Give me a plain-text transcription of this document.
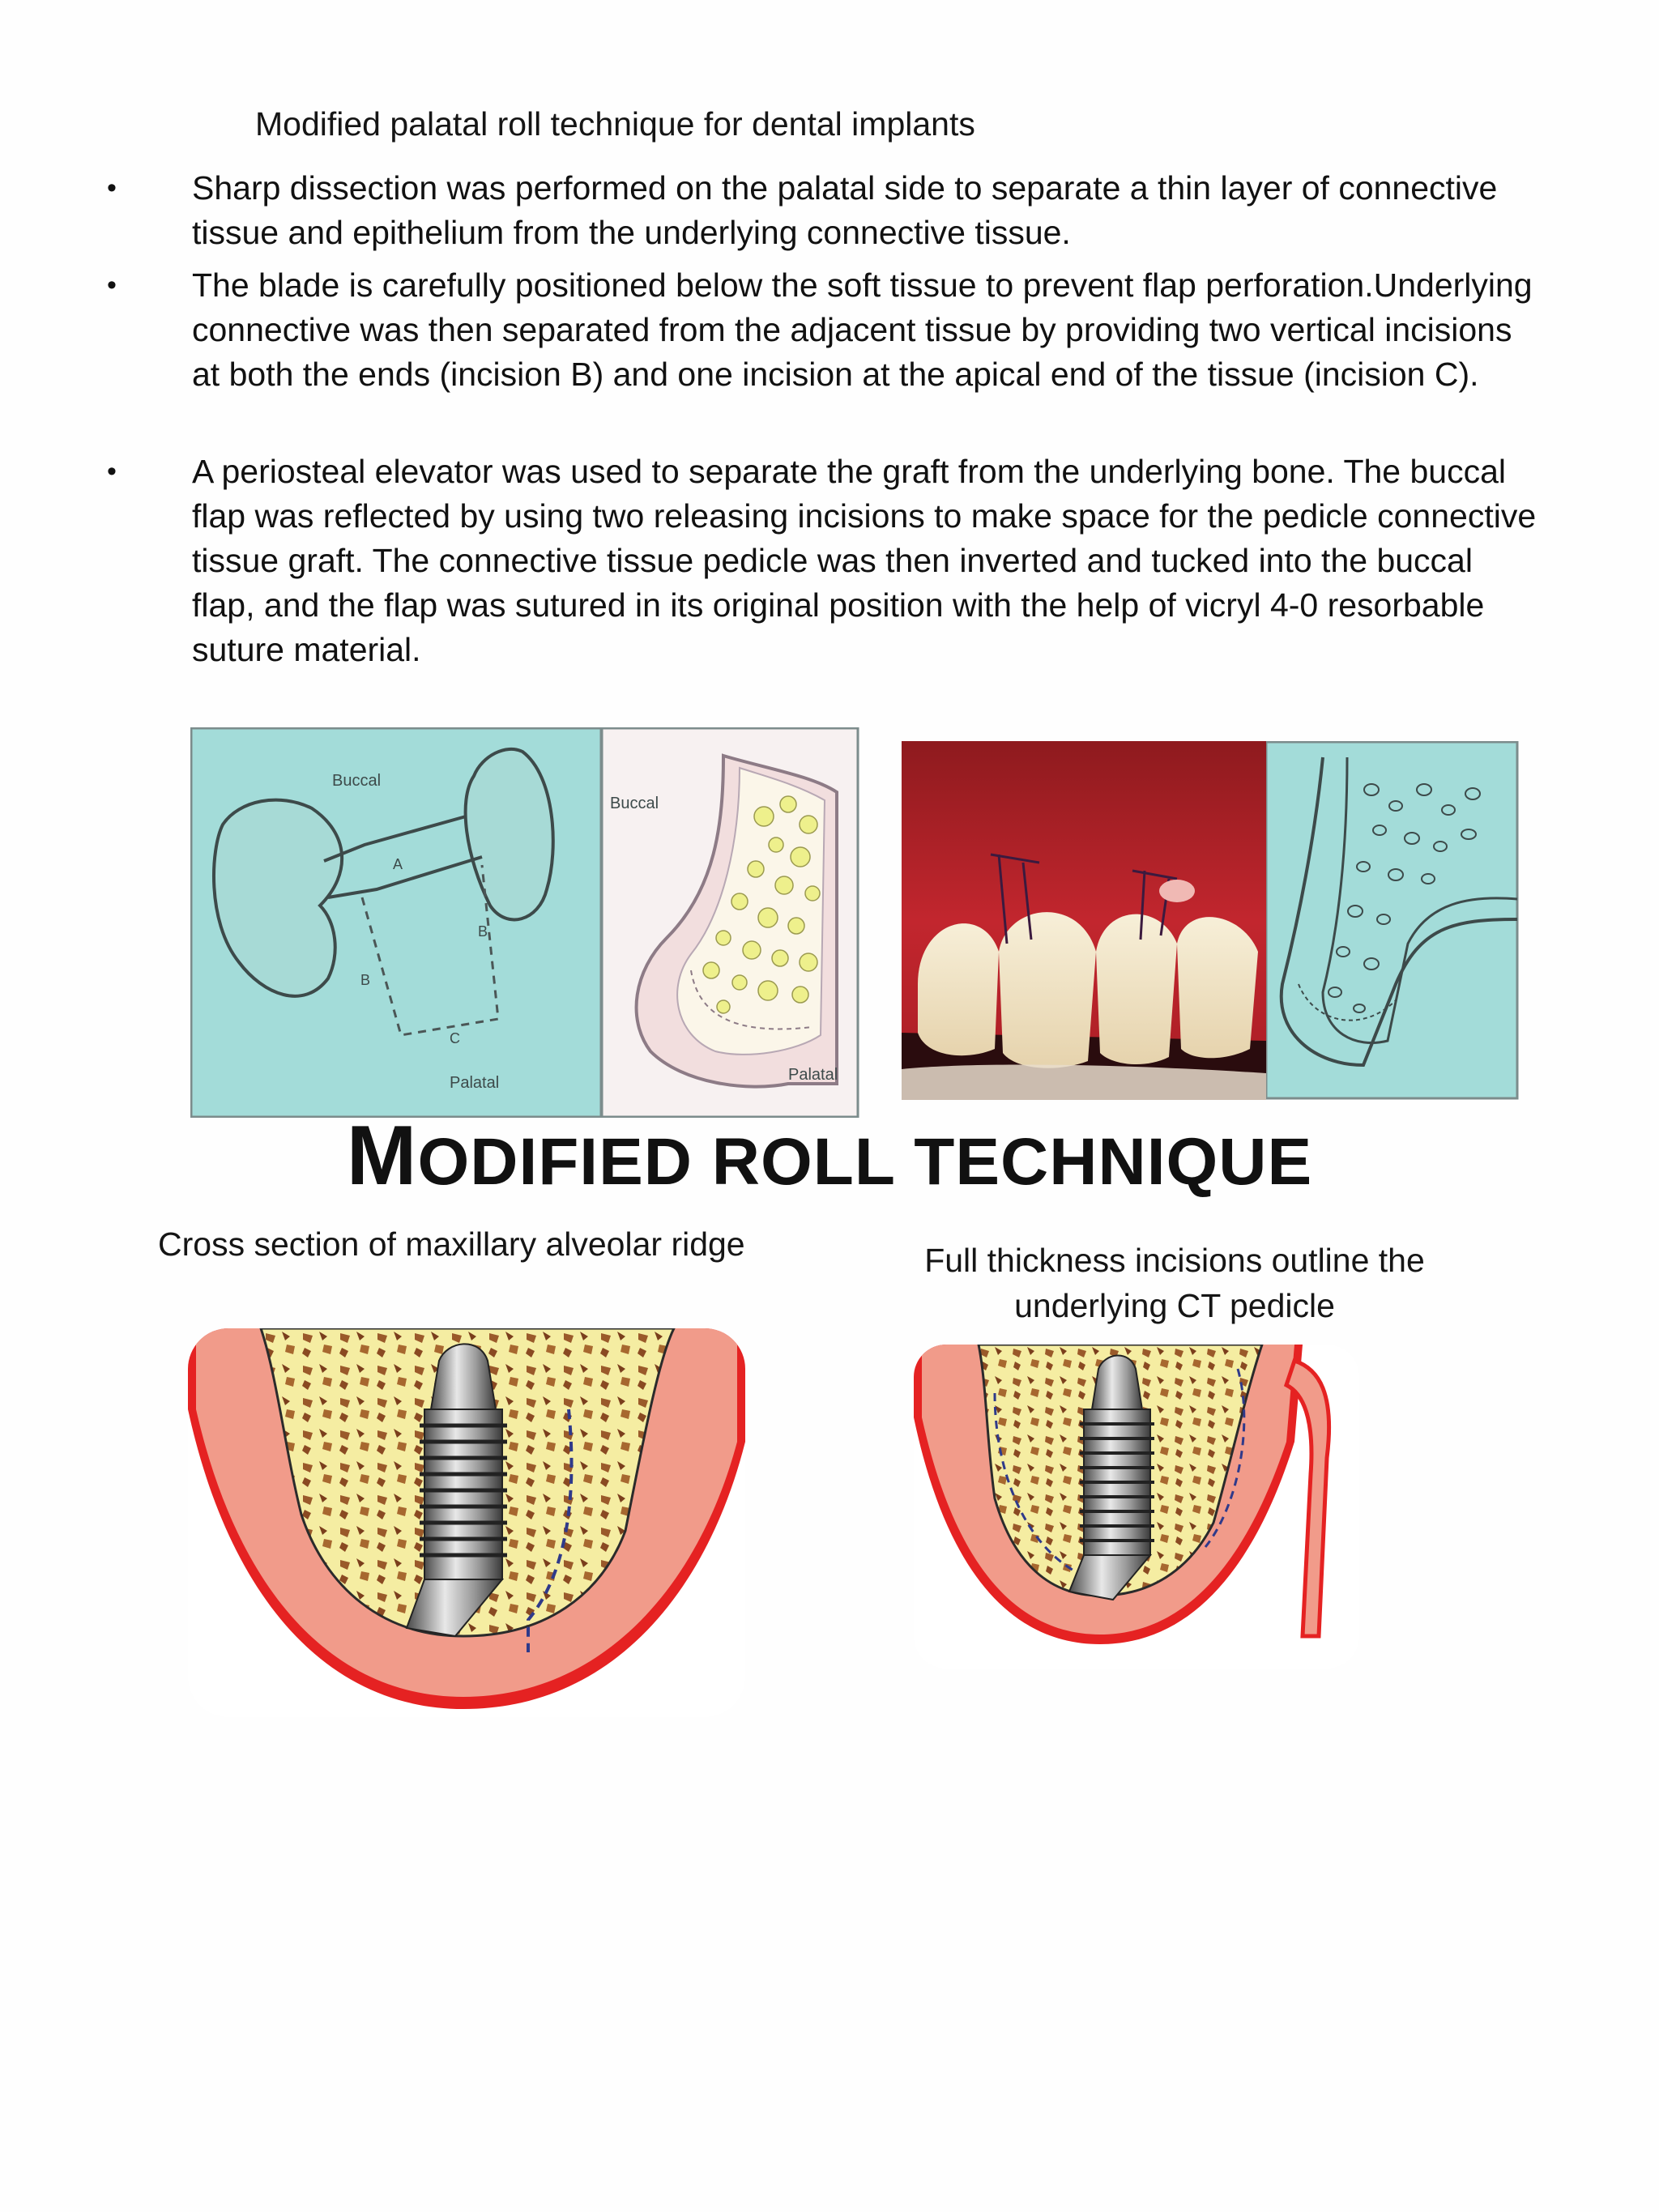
Modified palatal roll technique for dental implants
• Sharp dissection was performed on the palatal side to separate a thin layer of connective tissue and epithelium from the underlying connective tissue.
• The blade is carefully positioned below the soft tissue to prevent flap perforation.Underlying connective was then separated from the adjacent tissue by providing two vertical incisions at both the ends (incision B) and one incision at the apical end of the tissue (incision C).
• A periosteal elevator was used to separate the graft from the underlying bone. The buccal flap was reflected by using two releasing incisions to make space for the pedicle connective tissue graft. The connective tissue pedicle was then inverted and tucked into the buccal flap, and the flap was sutured in its original position with the help of vicryl 4-0 resorbable suture material.
Buccal
A
B
B
C
Palatal
Buccal
Palatal
MODIFIED ROLL TECHNIQUE
Cross section of maxillary alveolar ridge	Full thickness incisions outline the
underlying CT pedicle
